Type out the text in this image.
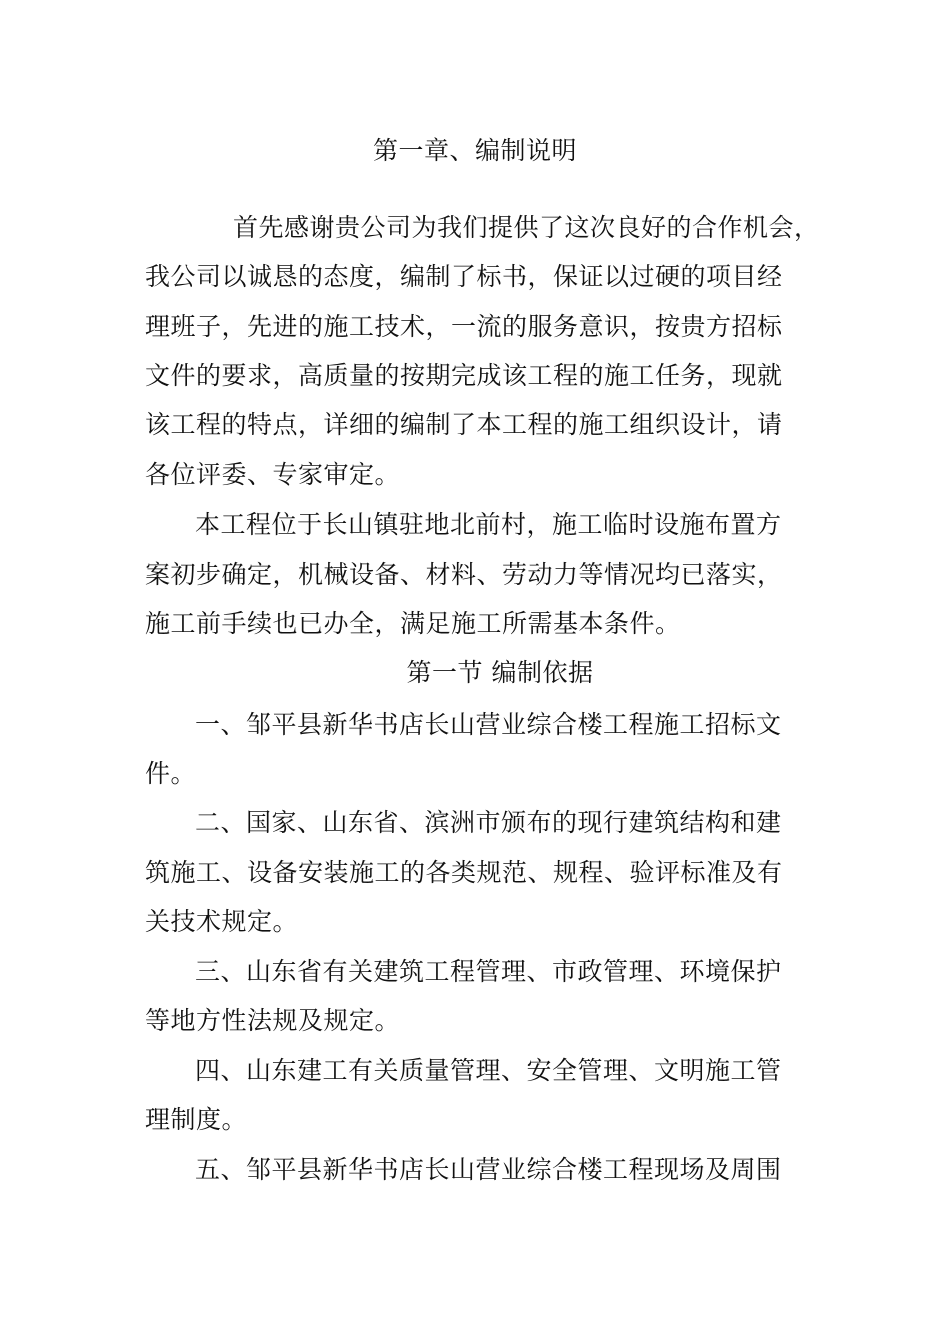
第一章、编制说明
首先感谢贵公司为我们提供了这次良好的合作机会，
我公司以诚恳的态度，编制了标书，保证以过硬的项目经
理班子，先进的施工技术，一流的服务意识，按贵方招标
文件的要求，高质量的按期完成该工程的施工任务，现就
该工程的特点，详细的编制了本工程的施工组织设计，请
各位评委、专家审定。
本工程位于长山镇驻地北前村，施工临时设施布置方
案初步确定，机械设备、材料、劳动力等情况均已落实，
施工前手续也已办全，满足施工所需基本条件。
第一节 编制依据
一、邹平县新华书店长山营业综合楼工程施工招标文
件。
二、国家、山东省、滨洲市颁布的现行建筑结构和建
筑施工、设备安装施工的各类规范、规程、验评标准及有
关技术规定。
三、山东省有关建筑工程管理、市政管理、环境保护
等地方性法规及规定。
四、山东建工有关质量管理、安全管理、文明施工管
理制度。
五、邹平县新华书店长山营业综合楼工程现场及周围
